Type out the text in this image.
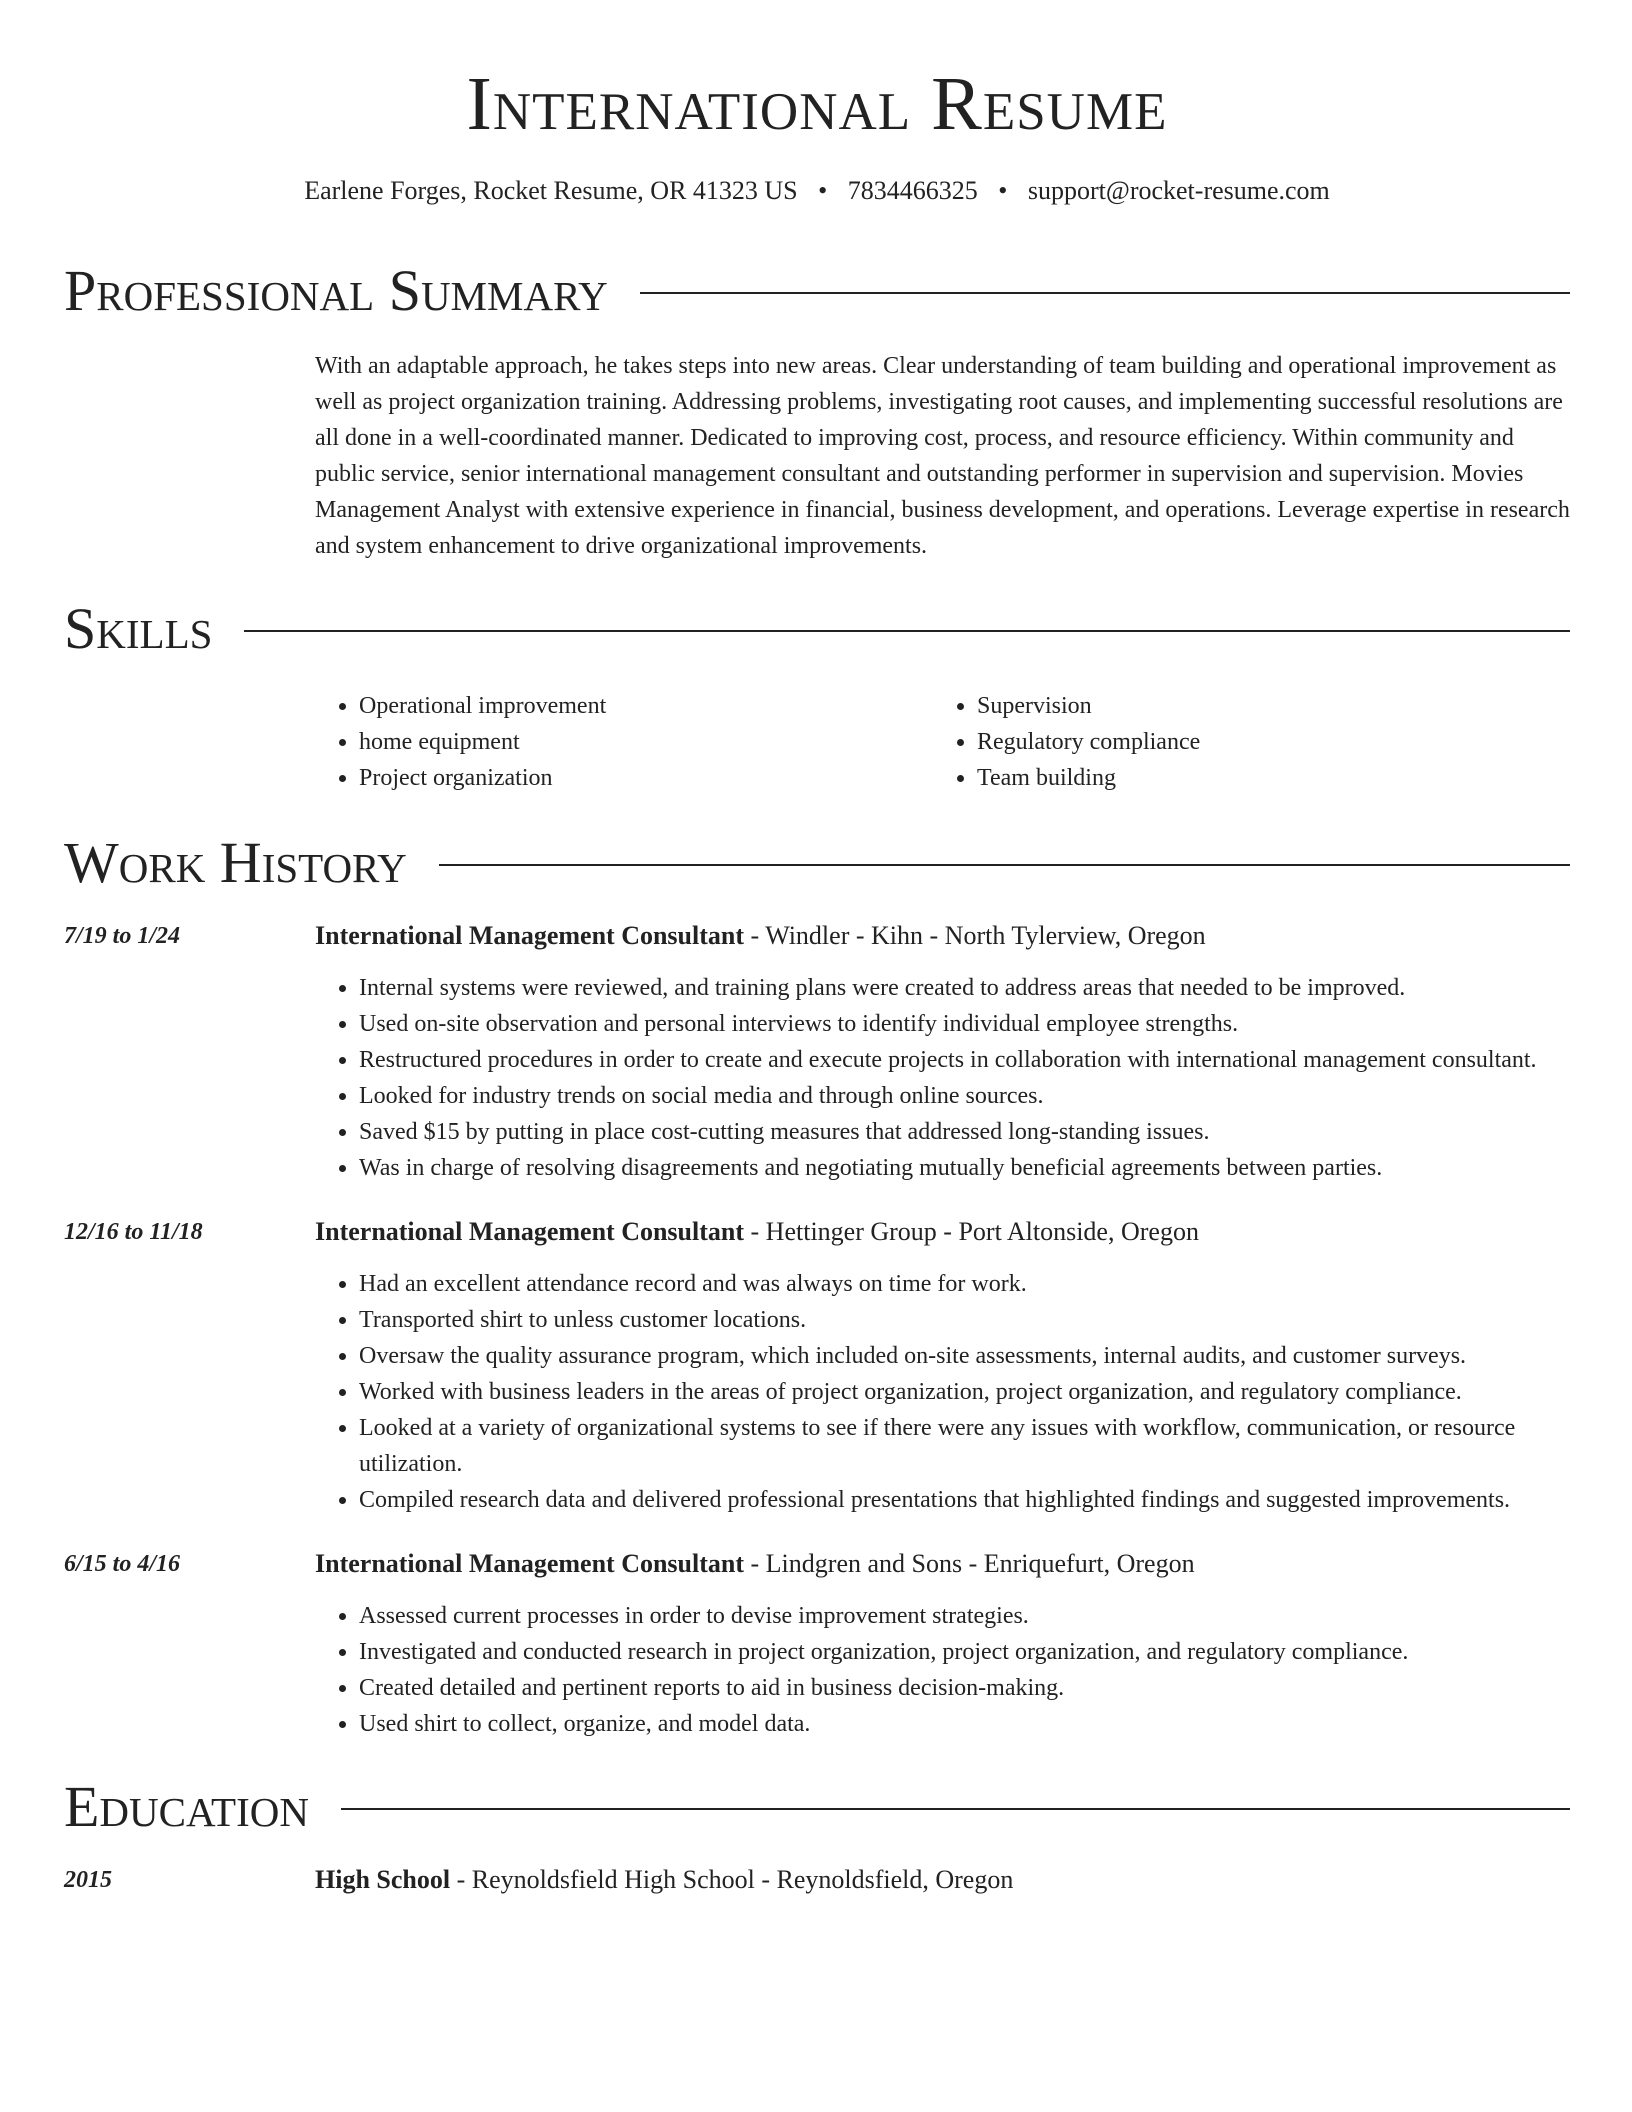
International Resume
Earlene Forges, Rocket Resume, OR 41323 US • 7834466325 • support@rocket-resume.com
Professional Summary
With an adaptable approach, he takes steps into new areas. Clear understanding of team building and operational improvement as well as project organization training. Addressing problems, investigating root causes, and implementing successful resolutions are all done in a well-coordinated manner. Dedicated to improving cost, process, and resource efficiency. Within community and public service, senior international management consultant and outstanding performer in supervision and supervision. Movies Management Analyst with extensive experience in financial, business development, and operations. Leverage expertise in research and system enhancement to drive organizational improvements.
Skills
• Operational improvement
• home equipment
• Project organization
• Supervision
• Regulatory compliance
• Team building
Work History
7/19 to 1/24	International Management Consultant - Windler - Kihn - North Tylerview, Oregon
• Internal systems were reviewed, and training plans were created to address areas that needed to be improved.
• Used on-site observation and personal interviews to identify individual employee strengths.
• Restructured procedures in order to create and execute projects in collaboration with international management consultant.
• Looked for industry trends on social media and through online sources.
• Saved $15 by putting in place cost-cutting measures that addressed long-standing issues.
• Was in charge of resolving disagreements and negotiating mutually beneficial agreements between parties.
12/16 to 11/18	International Management Consultant - Hettinger Group - Port Altonside, Oregon
• Had an excellent attendance record and was always on time for work.
• Transported shirt to unless customer locations.
• Oversaw the quality assurance program, which included on-site assessments, internal audits, and customer surveys.
• Worked with business leaders in the areas of project organization, project organization, and regulatory compliance.
• Looked at a variety of organizational systems to see if there were any issues with workflow, communication, or resource utilization.
• Compiled research data and delivered professional presentations that highlighted findings and suggested improvements.
6/15 to 4/16	International Management Consultant - Lindgren and Sons - Enriquefurt, Oregon
• Assessed current processes in order to devise improvement strategies.
• Investigated and conducted research in project organization, project organization, and regulatory compliance.
• Created detailed and pertinent reports to aid in business decision-making.
• Used shirt to collect, organize, and model data.
Education
2015	High School - Reynoldsfield High School - Reynoldsfield, Oregon
